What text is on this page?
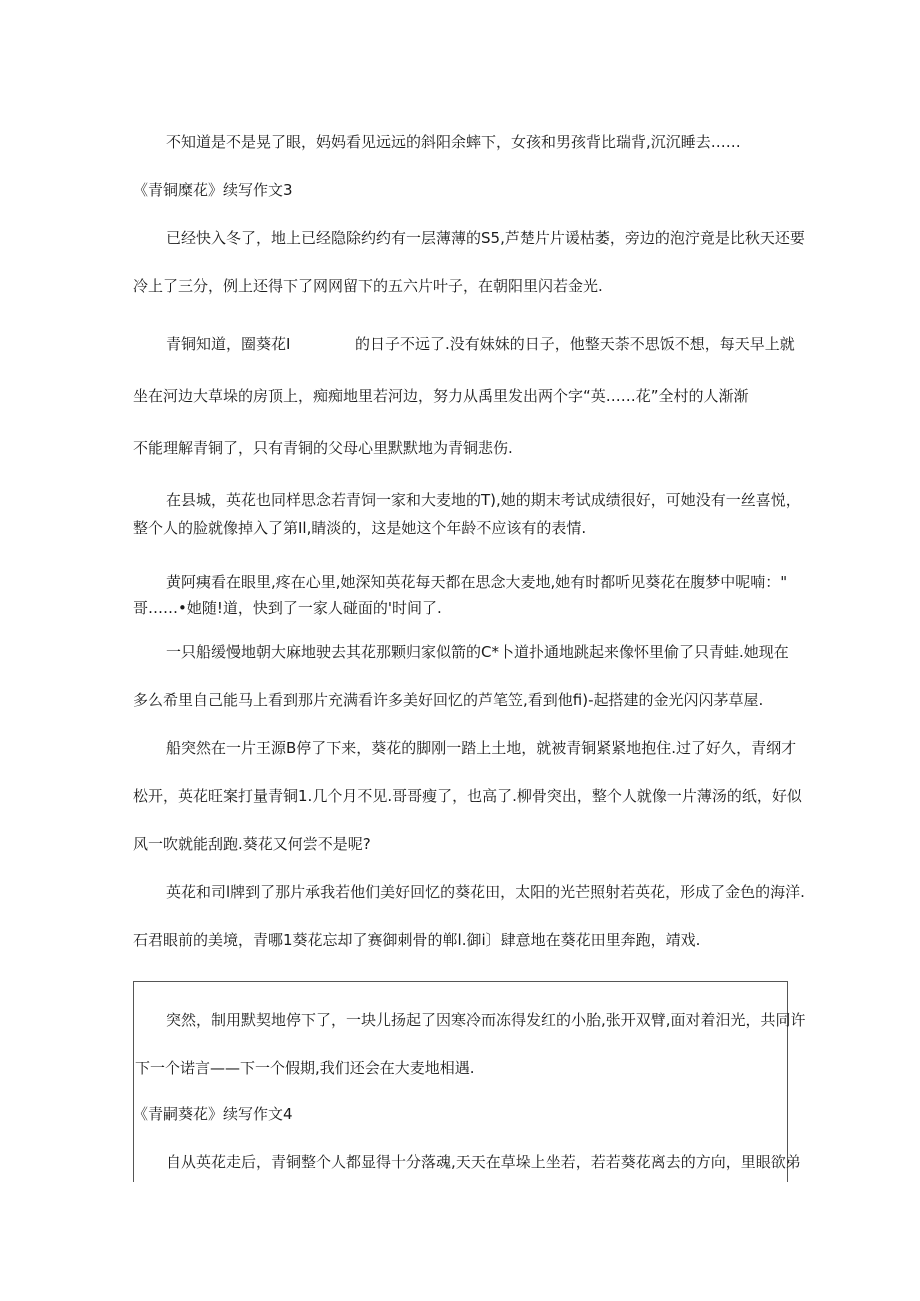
不知道是不是晃了眼，妈妈看见远远的斜阳余蟀下，女孩和男孩背比瑞背,沉沉睡去……
《青铜糜花》续写作文3
已经快入冬了，地上已经隐除约约有一层薄薄的S5,芦楚片片谖枯萎，旁边的泡泞竟是比秋天还要
冷上了三分，例上还得下了网网留下的五六片叶子，在朝阳里闪若金光.
青铜知道，圈葵花I	的日子不远了.没有妹妹的日子，他整天荼不思饭不想，每天早上就
坐在河边大草垛的房顶上，痴痴地里若河边，努力从禹里发出两个字“英……花”全村的人渐渐
不能理解青铜了，只有青铜的父母心里默默地为青铜悲伤.
在县城，英花也同样思念若青饲一家和大麦地的T),她的期末考试成绩很好，可她没有一丝喜悦，
整个人的脸就像掉入了第Il,睛淡的，这是她这个年龄不应该有的表情.
黄阿痍看在眼里,疼在心里,她深知英花每天都在思念大麦地,她有时都听见葵花在腹梦中呢喃："
哥……•她随!道，快到了一家人碰面的'时间了.
一只船缓慢地朝大麻地驶去其花那颗归家似箭的C*卜道扑通地跳起来像怀里偷了只青蛙.她现在
多么希里自己能马上看到那片充满看许多美好回忆的芦笔笠,看到他fi)-起搭建的金光闪闪茅草屋.
船突然在一片王源B停了下来，葵花的脚刚一踏上土地，就被青铜紧紧地抱住.过了好久，青纲才
松开，英花旺案打量青铜1.几个月不见.哥哥瘦了，也高了.柳骨突出，整个人就像一片薄汤的纸，好似
风一吹就能刮跑.葵花又何尝不是呢?
英花和司l牌到了那片承我若他们美好回忆的葵花田，太阳的光芒照射若英花，形成了金色的海洋.
石君眼前的美境，青哪1葵花忘却了赛御刺骨的郸l.御i〕肆意地在葵花田里奔跑，靖戏.
突然，制用默契地停下了，一块儿扬起了因寒冷而冻得发红的小胎,张开双臂,面对着汨光，共同许
下一个诺言——下一个假期,我们还会在大麦地相遇.
《青嗣葵花》续写作文4
自从英花走后，青铜整个人都显得十分落魂,天天在草垛上坐若，若若葵花离去的方向，里眼欲弟
